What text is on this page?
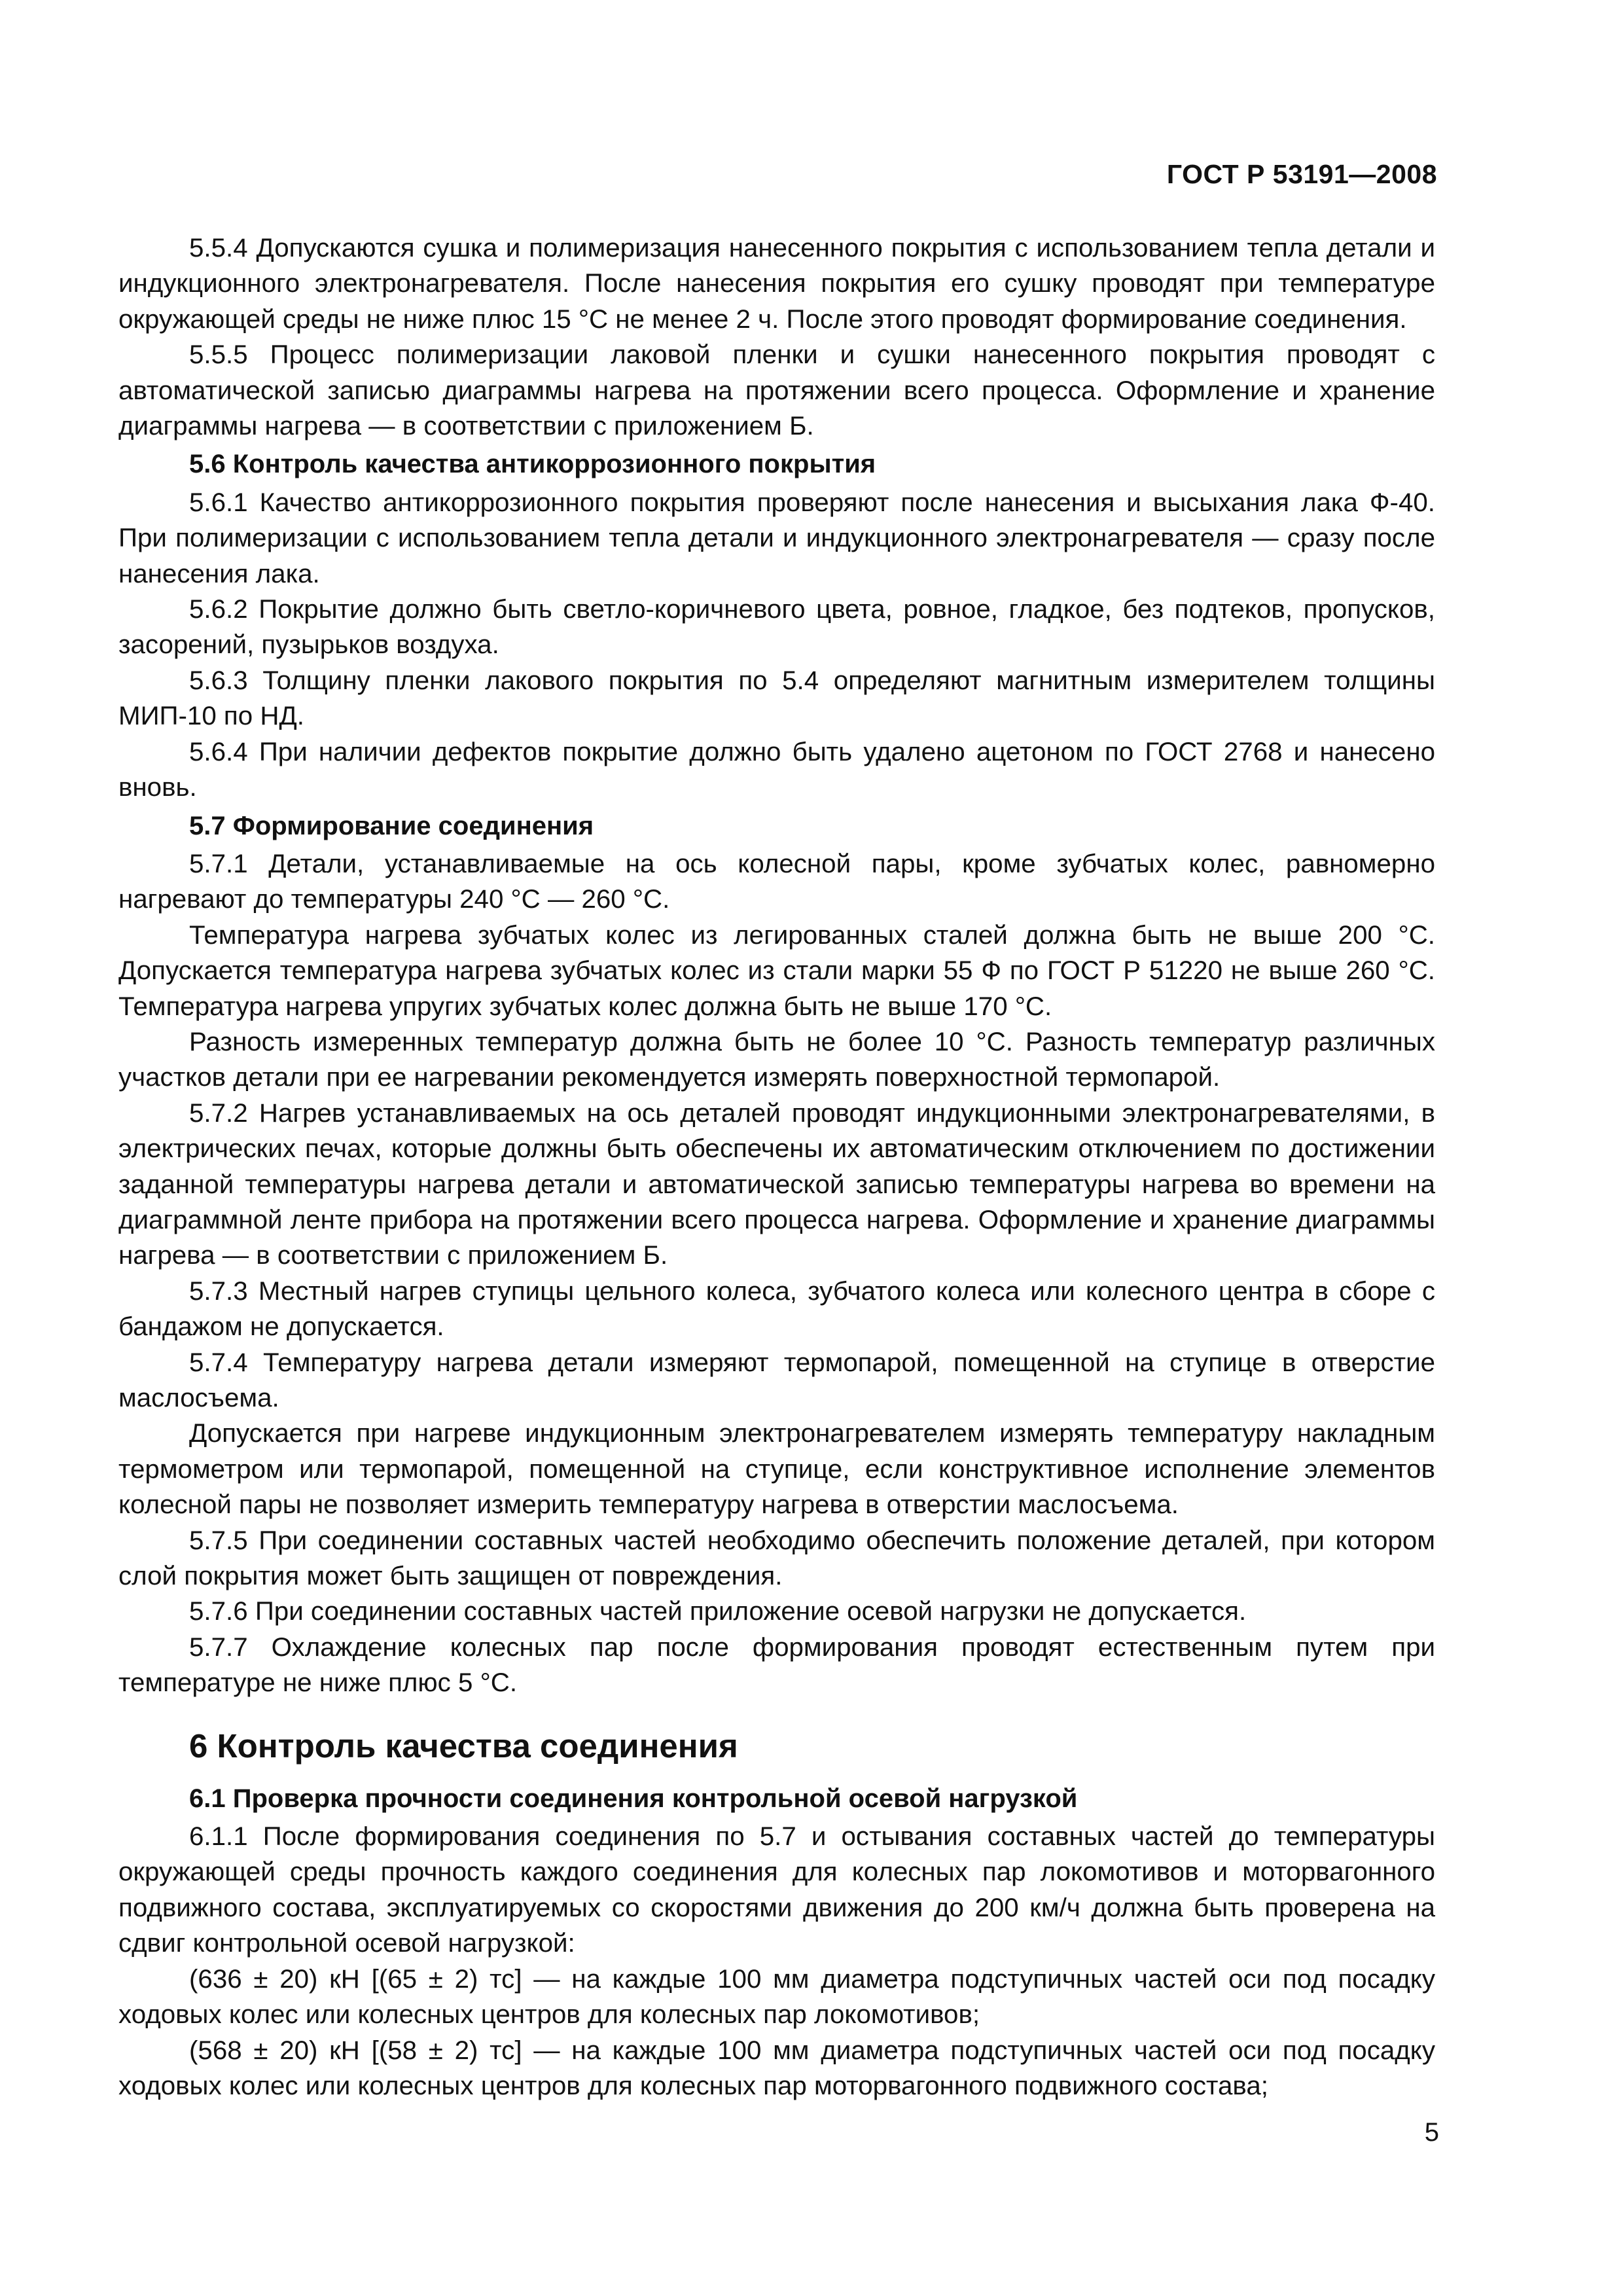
ГОСТ Р 53191—2008

5.5.4 Допускаются сушка и полимеризация нанесенного покрытия с использованием тепла детали и индукционного электронагревателя. После нанесения покрытия его сушку проводят при температуре окружающей среды не ниже плюс 15 °С не менее 2 ч. После этого проводят формирование соединения.

5.5.5 Процесс полимеризации лаковой пленки и сушки нанесенного покрытия проводят с автоматической записью диаграммы нагрева на протяжении всего процесса. Оформление и хранение диаграммы нагрева — в соответствии с приложением Б.

5.6 Контроль качества антикоррозионного покрытия

5.6.1 Качество антикоррозионного покрытия проверяют после нанесения и высыхания лака Ф-40. При полимеризации с использованием тепла детали и индукционного электронагревателя — сразу после нанесения лака.

5.6.2 Покрытие должно быть светло-коричневого цвета, ровное, гладкое, без подтеков, пропусков, засорений, пузырьков воздуха.

5.6.3 Толщину пленки лакового покрытия по 5.4 определяют магнитным измерителем толщины МИП-10 по НД.

5.6.4 При наличии дефектов покрытие должно быть удалено ацетоном по ГОСТ 2768 и нанесено вновь.

5.7 Формирование соединения

5.7.1 Детали, устанавливаемые на ось колесной пары, кроме зубчатых колес, равномерно нагревают до температуры 240 °С — 260 °С.

Температура нагрева зубчатых колес из легированных сталей должна быть не выше 200 °С. Допускается температура нагрева зубчатых колес из стали марки 55 Ф по ГОСТ Р 51220 не выше 260 °С. Температура нагрева упругих зубчатых колес должна быть не выше 170 °С.

Разность измеренных температур должна быть не более 10 °С. Разность температур различных участков детали при ее нагревании рекомендуется измерять поверхностной термопарой.

5.7.2 Нагрев устанавливаемых на ось деталей проводят индукционными электронагревателями, в электрических печах, которые должны быть обеспечены их автоматическим отключением по достижении заданной температуры нагрева детали и автоматической записью температуры нагрева во времени на диаграммной ленте прибора на протяжении всего процесса нагрева. Оформление и хранение диаграммы нагрева — в соответствии с приложением Б.

5.7.3 Местный нагрев ступицы цельного колеса, зубчатого колеса или колесного центра в сборе с бандажом не допускается.

5.7.4 Температуру нагрева детали измеряют термопарой, помещенной на ступице в отверстие маслосъема.

Допускается при нагреве индукционным электронагревателем измерять температуру накладным термометром или термопарой, помещенной на ступице, если конструктивное исполнение элементов колесной пары не позволяет измерить температуру нагрева в отверстии маслосъема.

5.7.5 При соединении составных частей необходимо обеспечить положение деталей, при котором слой покрытия может быть защищен от повреждения.

5.7.6 При соединении составных частей приложение осевой нагрузки не допускается.

5.7.7 Охлаждение колесных пар после формирования проводят естественным путем при температуре не ниже плюс 5 °С.

6 Контроль качества соединения
6.1 Проверка прочности соединения контрольной осевой нагрузкой

6.1.1 После формирования соединения по 5.7 и остывания составных частей до температуры окружающей среды прочность каждого соединения для колесных пар локомотивов и моторвагонного подвижного состава, эксплуатируемых со скоростями движения до 200 км/ч должна быть проверена на сдвиг контрольной осевой нагрузкой:

(636 ± 20) кН [(65 ± 2) тс] — на каждые 100 мм диаметра подступичных частей оси под посадку ходовых колес или колесных центров для колесных пар локомотивов;

(568 ± 20) кН [(58 ± 2) тс] — на каждые 100 мм диаметра подступичных частей оси под посадку ходовых колес или колесных центров для колесных пар моторвагонного подвижного состава;

5
